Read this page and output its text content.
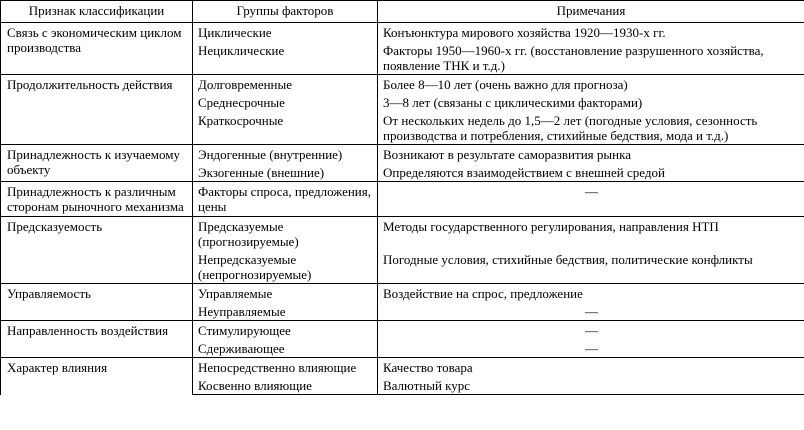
Признак классификации	Группы факторов	Примечания
Связь с экономическим циклом производства	Циклические	Конъюнктура мирового хозяйства 1920—1930-х гг.
	Нециклические	Факторы 1950—1960-х гг. (восстановление разрушенного хозяйства, появление ТНК и т.д.)
Продолжительность действия	Долговременные	Более 8—10 лет (очень важно для прогноза)
	Среднесрочные	3—8 лет (связаны с циклическими факторами)
	Краткосрочные	От нескольких недель до 1,5—2 лет (погодные условия, сезонность производства и потребления, стихийные бедствия, мода и т.д.)
Принадлежность к изучаемому объекту	Эндогенные (внутренние)	Возникают в результате саморазвития рынка
	Экзогенные (внешние)	Определяются взаимодействием с внешней средой
Принадлежность к различным сторонам рыночного механизма	Факторы спроса, предложения, цены	—
Предсказуемость	Предсказуемые (прогнозируемые)	Методы государственного регулирования, направления НТП
	Непредсказуемые (непрогнозируемые)	Погодные условия, стихийные бедствия, политические конфликты
Управляемость	Управляемые	Воздействие на спрос, предложение
	Неуправляемые	—
Направленность воздействия	Стимулирующее	—
	Сдерживающее	—
Характер влияния	Непосредственно влияющие	Качество товара
	Косвенно влияющие	Валютный курс
